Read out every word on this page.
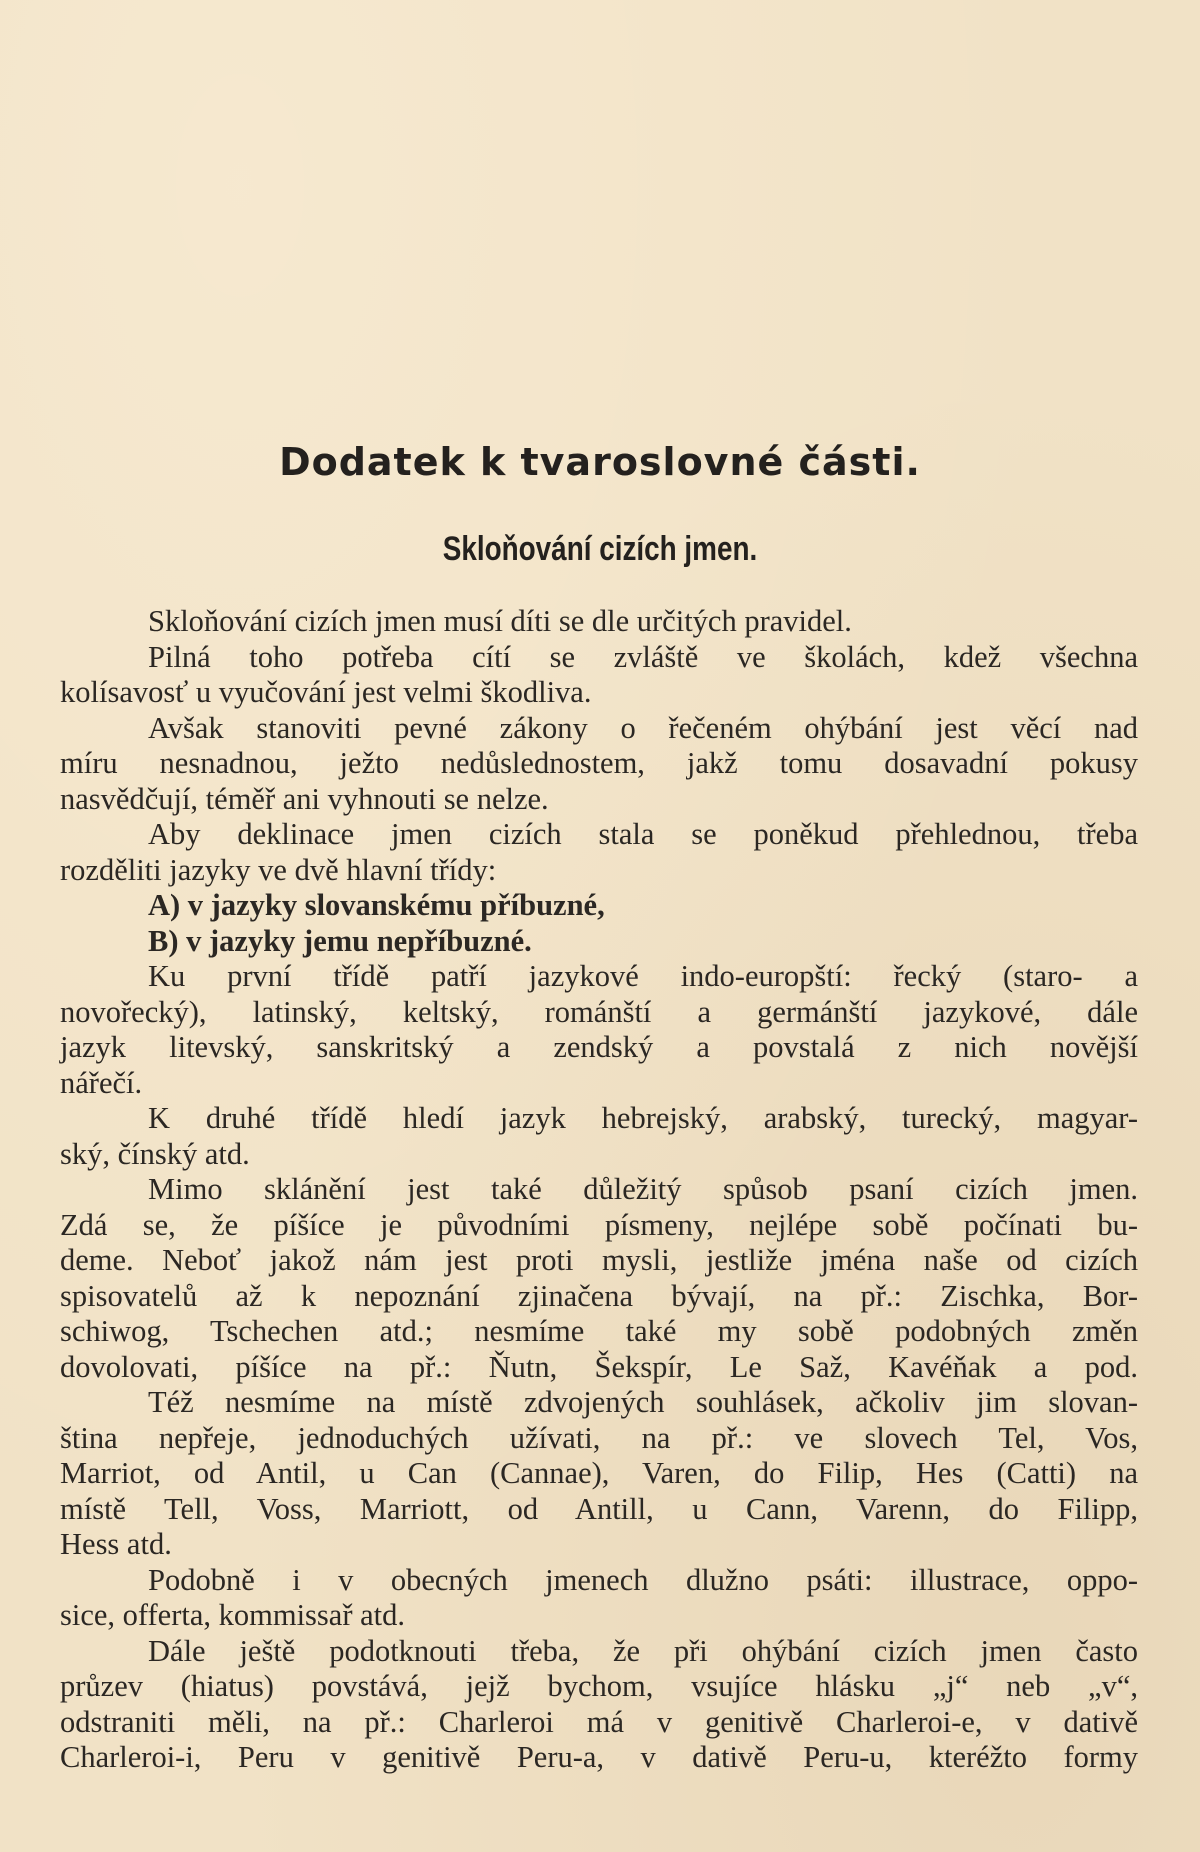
Dodatek k tvaroslovné části.
Skloňování cizích jmen.
Skloňování cizích jmen musí díti se dle určitých pravidel.
Pilná toho potřeba cítí se zvláště ve školách, kdež všechna
kolísavosť u vyučování jest velmi škodliva.
Avšak stanoviti pevné zákony o řečeném ohýbání jest věcí nad
míru nesnadnou, ježto nedůslednostem, jakž tomu dosavadní pokusy
nasvědčují, téměř ani vyhnouti se nelze.
Aby deklinace jmen cizích stala se poněkud přehlednou, třeba
rozděliti jazyky ve dvě hlavní třídy:
A) v jazyky slovanskému příbuzné,
B) v jazyky jemu nepříbuzné.
Ku první třídě patří jazykové indo-europští: řecký (staro- a
novořecký), latinský, keltský, románští a germánští jazykové, dále
jazyk litevský, sanskritský a zendský a povstalá z nich novější
nářečí.
K druhé třídě hledí jazyk hebrejský, arabský, turecký, magyar-
ský, čínský atd.
Mimo sklánění jest také důležitý spůsob psaní cizích jmen.
Zdá se, že píšíce je původními písmeny, nejlépe sobě počínati bu-
deme. Neboť jakož nám jest proti mysli, jestliže jména naše od cizích
spisovatelů až k nepoznání zjinačena bývají, na př.: Zischka, Bor-
schiwog, Tschechen atd.; nesmíme také my sobě podobných změn
dovolovati, píšíce na př.: Ňutn, Šekspír, Le Saž, Kavéňak a pod.
Též nesmíme na místě zdvojených souhlásek, ačkoliv jim slovan-
ština nepřeje, jednoduchých užívati, na př.: ve slovech Tel, Vos,
Marriot, od Antil, u Can (Cannae), Varen, do Filip, Hes (Catti) na
místě Tell, Voss, Marriott, od Antill, u Cann, Varenn, do Filipp,
Hess atd.
Podobně i v obecných jmenech dlužno psáti: illustrace, oppo-
sice, offerta, kommissař atd.
Dále ještě podotknouti třeba, že při ohýbání cizích jmen často
průzev (hiatus) povstává, jejž bychom, vsujíce hlásku „j“ neb „v“,
odstraniti měli, na př.: Charleroi má v genitivě Charleroi-e, v dativě
Charleroi-i, Peru v genitivě Peru-a, v dativě Peru-u, kteréžto formy
